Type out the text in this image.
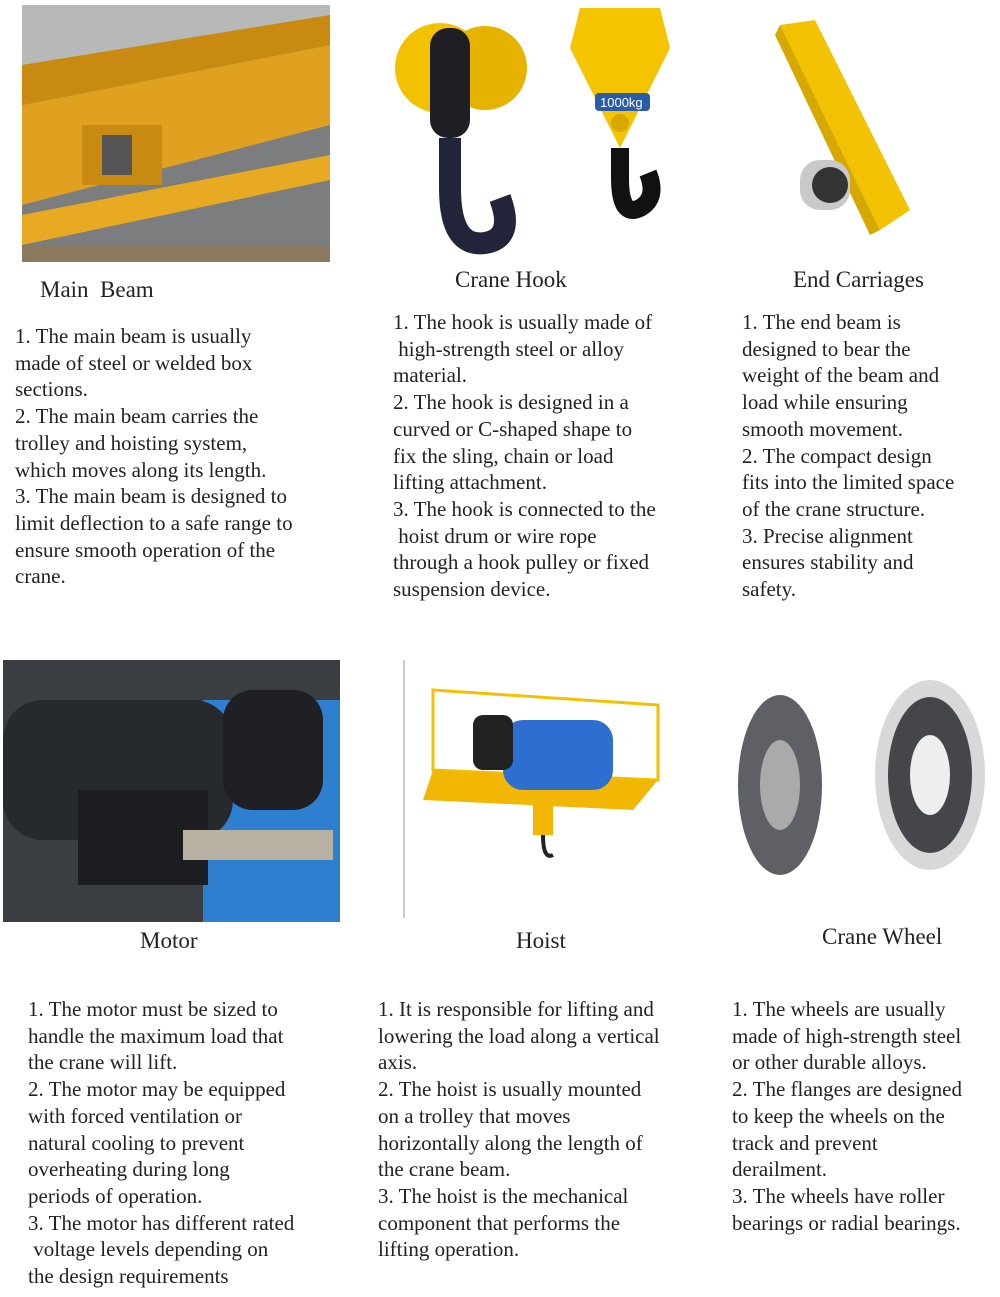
1000kg
Main  Beam	Crane Hook	End Carriages
Motor	Hoist	Crane Wheel
1. The main beam is usually
made of steel or welded box
sections.
2. The main beam carries the
trolley and hoisting system,
which moves along its length.
3. The main beam is designed to
limit deflection to a safe range to
ensure smooth operation of the
crane.
1. The hook is usually made of
high-strength steel or alloy
material.
2. The hook is designed in a
curved or C-shaped shape to
fix the sling, chain or load
lifting attachment.
3. The hook is connected to the
hoist drum or wire rope
through a hook pulley or fixed
suspension device.
1. The end beam is
designed to bear the
weight of the beam and
load while ensuring
smooth movement.
2. The compact design
fits into the limited space
of the crane structure.
3. Precise alignment
ensures stability and
safety.
1. The motor must be sized to
handle the maximum load that
the crane will lift.
2. The motor may be equipped
with forced ventilation or
natural cooling to prevent
overheating during long
periods of operation.
3. The motor has different rated
voltage levels depending on
the design requirements
1. It is responsible for lifting and
lowering the load along a vertical
axis.
2. The hoist is usually mounted
on a trolley that moves
horizontally along the length of
the crane beam.
3. The hoist is the mechanical
component that performs the
lifting operation.
1. The wheels are usually
made of high-strength steel
or other durable alloys.
2. The flanges are designed
to keep the wheels on the
track and prevent
derailment.
3. The wheels have roller
bearings or radial bearings.
